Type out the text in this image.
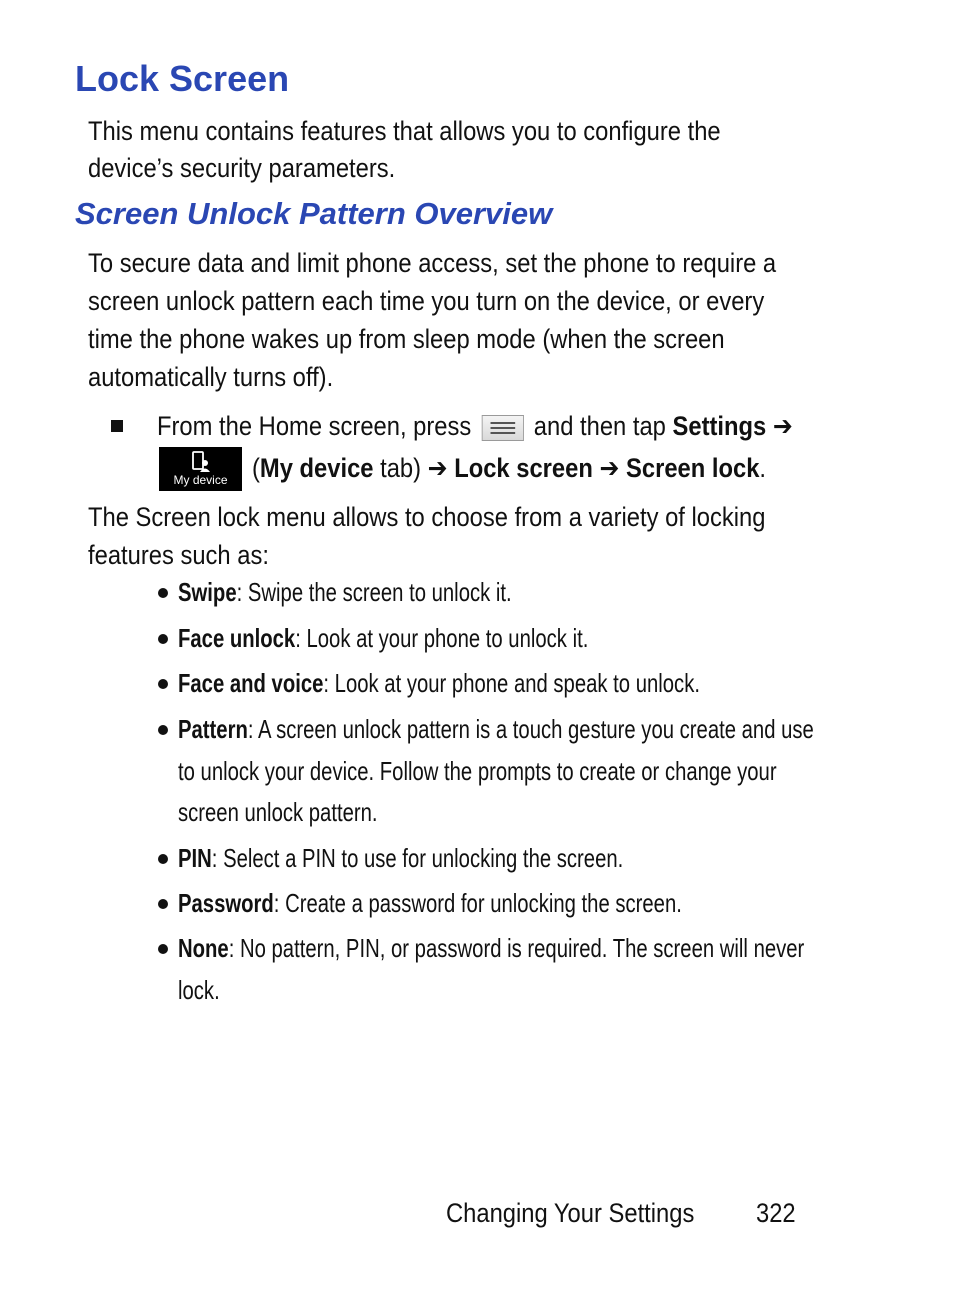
Lock Screen

This menu contains features that allows you to configure the

device’s security parameters.

Screen Unlock Pattern Overview

To secure data and limit phone access, set the phone to require a

screen unlock pattern each time you turn on the device, or every

time the phone wakes up from sleep mode (when the screen

automatically turns off).

From the Home screen, press and then tap Settings ➔

My device (My device tab) ➔ Lock screen ➔ Screen lock.

The Screen lock menu allows to choose from a variety of locking

features such as:

Swipe: Swipe the screen to unlock it.

Face unlock: Look at your phone to unlock it.

Face and voice: Look at your phone and speak to unlock.

Pattern: A screen unlock pattern is a touch gesture you create and use

to unlock your device. Follow the prompts to create or change your

screen unlock pattern.

PIN: Select a PIN to use for unlocking the screen.

Password: Create a password for unlocking the screen.

None: No pattern, PIN, or password is required. The screen will never

lock.

Changing Your Settings 322
